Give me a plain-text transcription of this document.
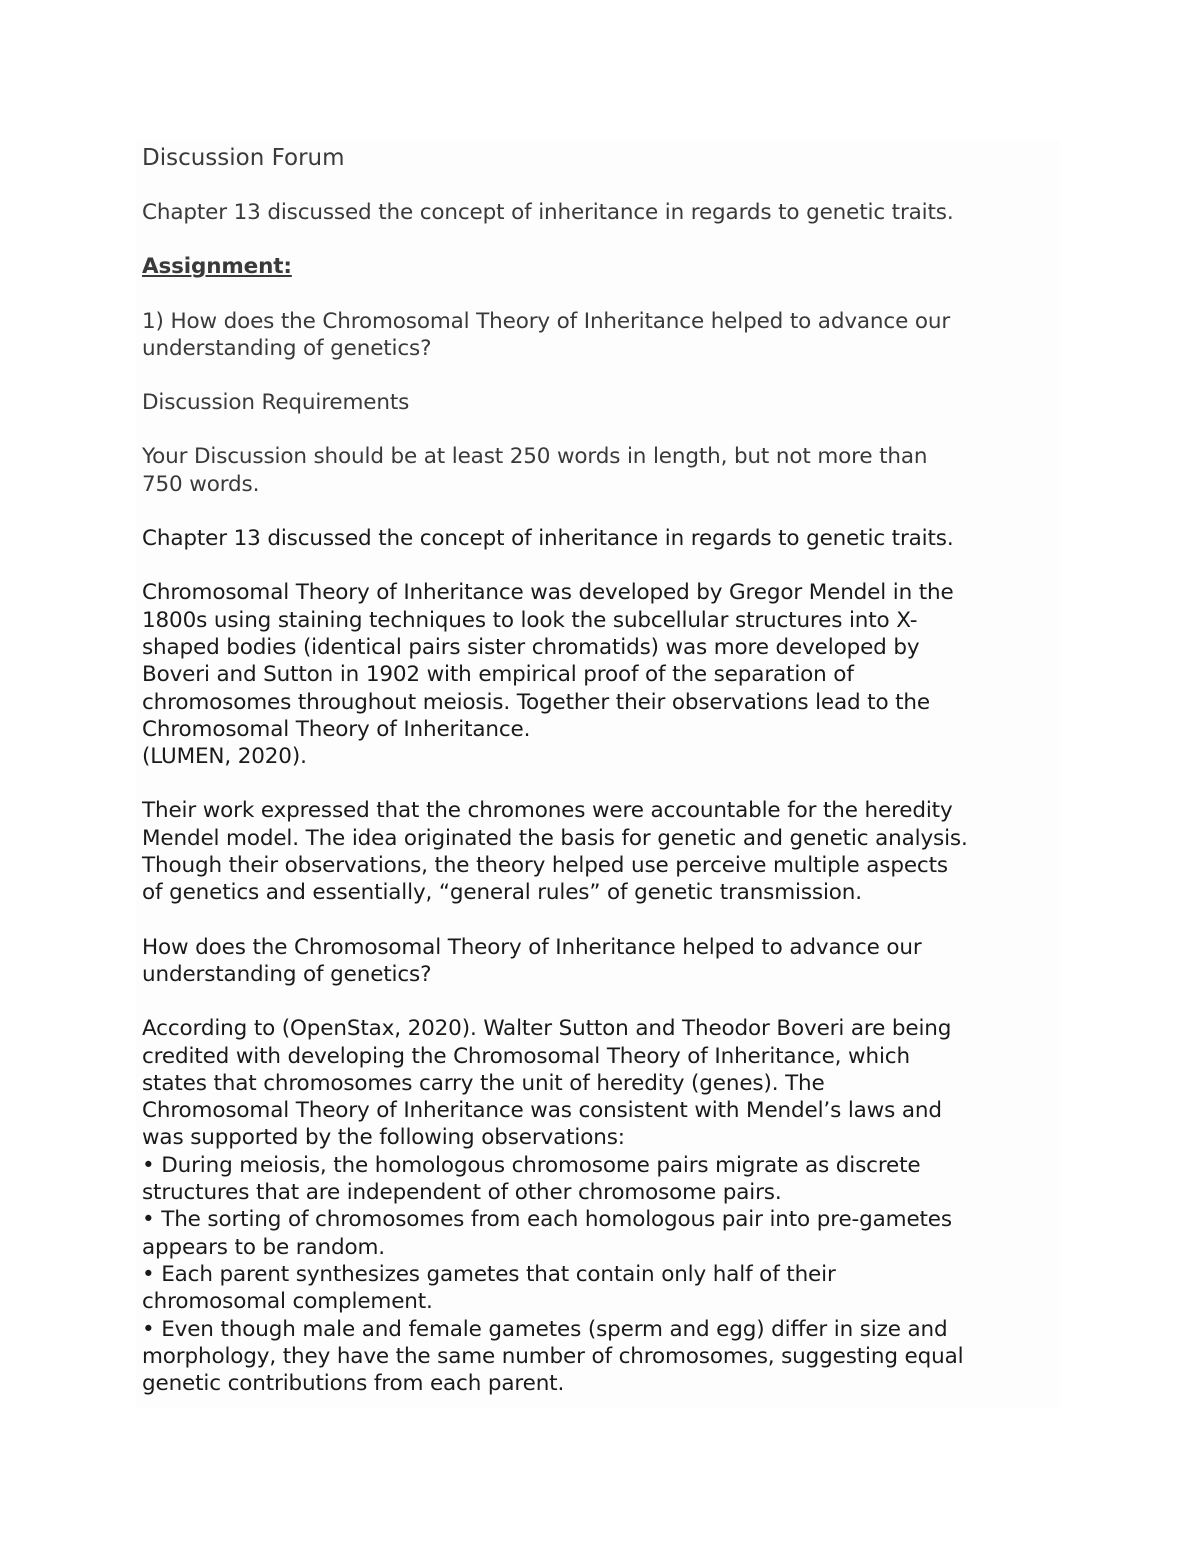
Discussion Forum

Chapter 13 discussed the concept of inheritance in regards to genetic traits.

Assignment:

1) How does the Chromosomal Theory of Inheritance helped to advance our
understanding of genetics?

Discussion Requirements

Your Discussion should be at least 250 words in length, but not more than
750 words.

Chapter 13 discussed the concept of inheritance in regards to genetic traits.

Chromosomal Theory of Inheritance was developed by Gregor Mendel in the
1800s using staining techniques to look the subcellular structures into X-
shaped bodies (identical pairs sister chromatids) was more developed by
Boveri and Sutton in 1902 with empirical proof of the separation of
chromosomes throughout meiosis. Together their observations lead to the
Chromosomal Theory of Inheritance.
(LUMEN, 2020).

Their work expressed that the chromones were accountable for the heredity
Mendel model. The idea originated the basis for genetic and genetic analysis.
Though their observations, the theory helped use perceive multiple aspects
of genetics and essentially, “general rules” of genetic transmission.

How does the Chromosomal Theory of Inheritance helped to advance our
understanding of genetics?

According to (OpenStax, 2020). Walter Sutton and Theodor Boveri are being
credited with developing the Chromosomal Theory of Inheritance, which
states that chromosomes carry the unit of heredity (genes). The
Chromosomal Theory of Inheritance was consistent with Mendel’s laws and
was supported by the following observations:
• During meiosis, the homologous chromosome pairs migrate as discrete
structures that are independent of other chromosome pairs.
• The sorting of chromosomes from each homologous pair into pre-gametes
appears to be random.
• Each parent synthesizes gametes that contain only half of their
chromosomal complement.
• Even though male and female gametes (sperm and egg) differ in size and
morphology, they have the same number of chromosomes, suggesting equal
genetic contributions from each parent.
